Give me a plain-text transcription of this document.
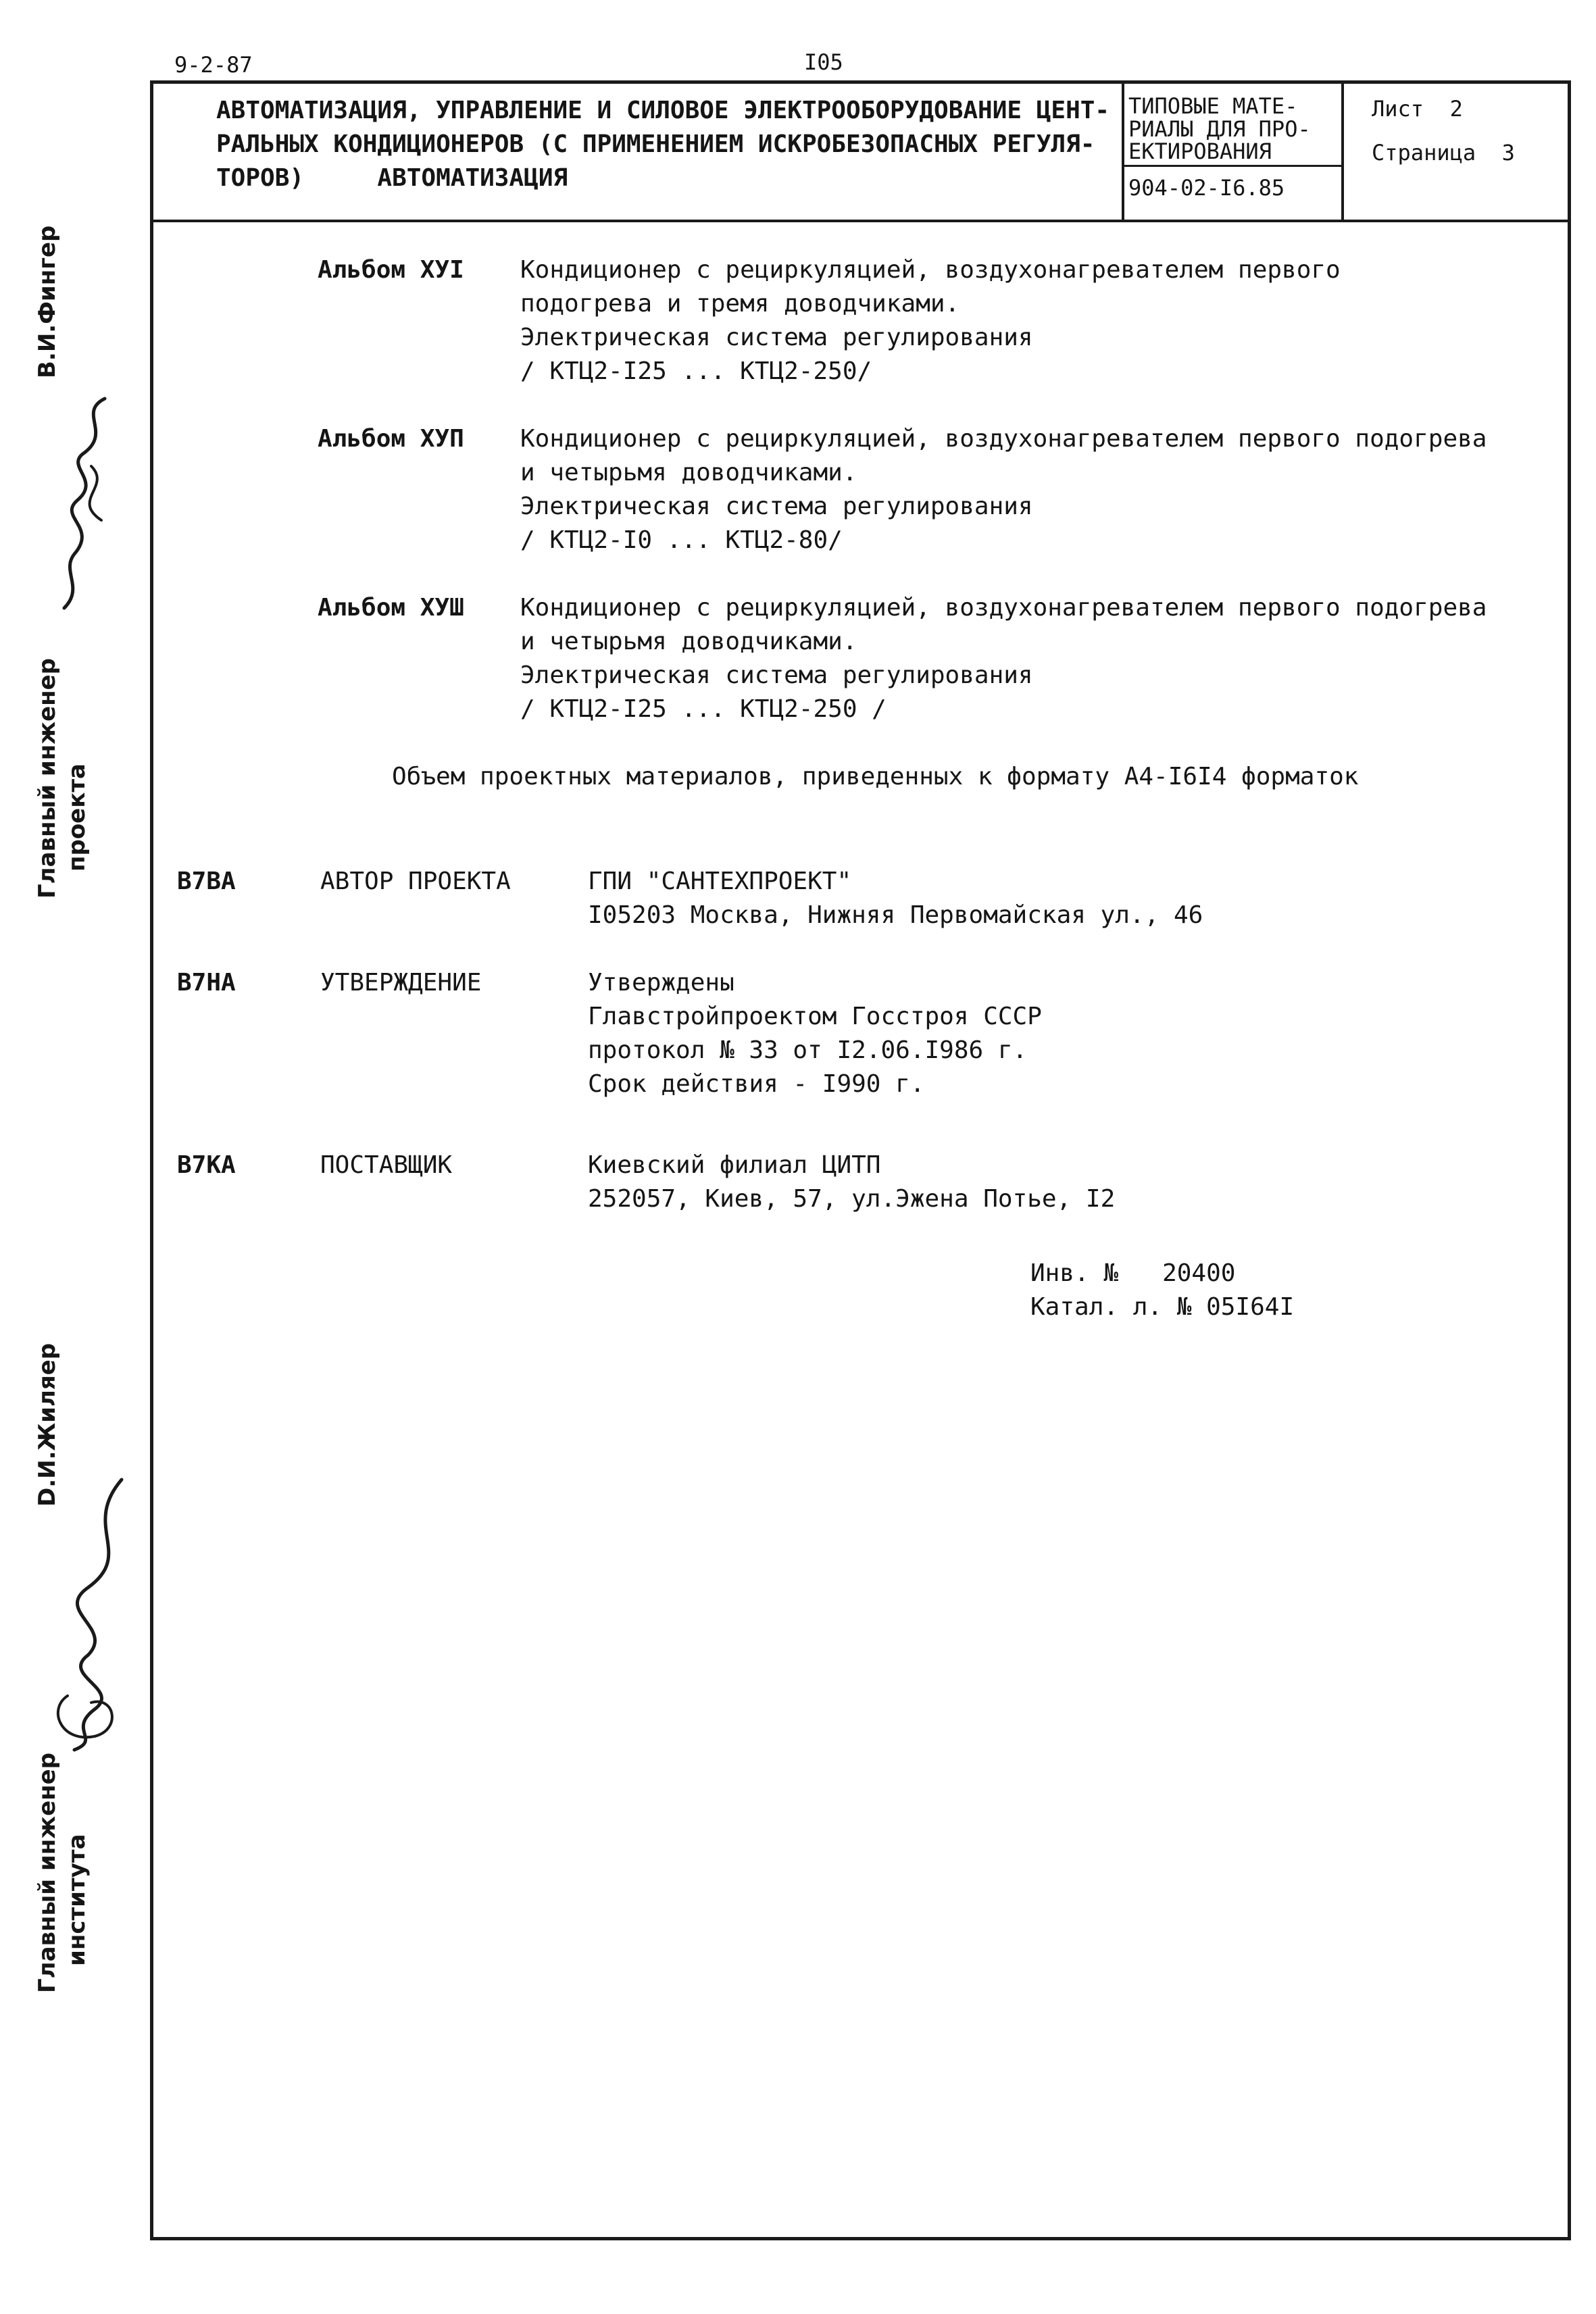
9-2-87	I05
АВТОМАТИЗАЦИЯ, УПРАВЛЕНИЕ И СИЛОВОЕ ЭЛЕКТРООБОРУДОВАНИЕ ЦЕНТ-
РАЛЬНЫХ КОНДИЦИОНЕРОВ (С ПРИМЕНЕНИЕМ ИСКРОБЕЗОПАСНЫХ РЕГУЛЯ-
ТОРОВ)     АВТОМАТИЗАЦИЯ
ТИПОВЫЕ МАТЕ-
РИАЛЫ ДЛЯ ПРО-
ЕКТИРОВАНИЯ
904-02-I6.85
Лист  2
Страница  3
Альбом ХУI Кондиционер с рециркуляцией, воздухонагревателем первого
подогрева и тремя доводчиками.
Электрическая система регулирования
/ КТЦ2-I25 ... КТЦ2-250/
Альбом ХУП Кондиционер с рециркуляцией, воздухонагревателем первого подогрева
и четырьмя доводчиками.
Электрическая система регулирования
/ КТЦ2-I0 ... КТЦ2-80/
Альбом ХУШ Кондиционер с рециркуляцией, воздухонагревателем первого подогрева
и четырьмя доводчиками.
Электрическая система регулирования
/ КТЦ2-I25 ... КТЦ2-250 /
Объем проектных материалов, приведенных к формату А4-I6I4 форматок
B7BA	АВТОР ПРОЕКТА	ГПИ "САНТЕХПРОЕКТ"
I05203 Москва, Нижняя Первомайская ул., 46
B7HA	УТВЕРЖДЕНИЕ	Утверждены
Главстройпроектом Госстроя СССР
протокол № 33 от I2.06.I986 г.
Срок действия - I990 г.
B7KA	ПОСТАВЩИК	Киевский филиал ЦИТП
252057, Киев, 57, ул.Эжена Потье, I2
Инв. №   20400
Катал. л. № 05I64I
В.И.Фингер
Главный инженер проекта
D.И.Жиляер
Главный инженер института
